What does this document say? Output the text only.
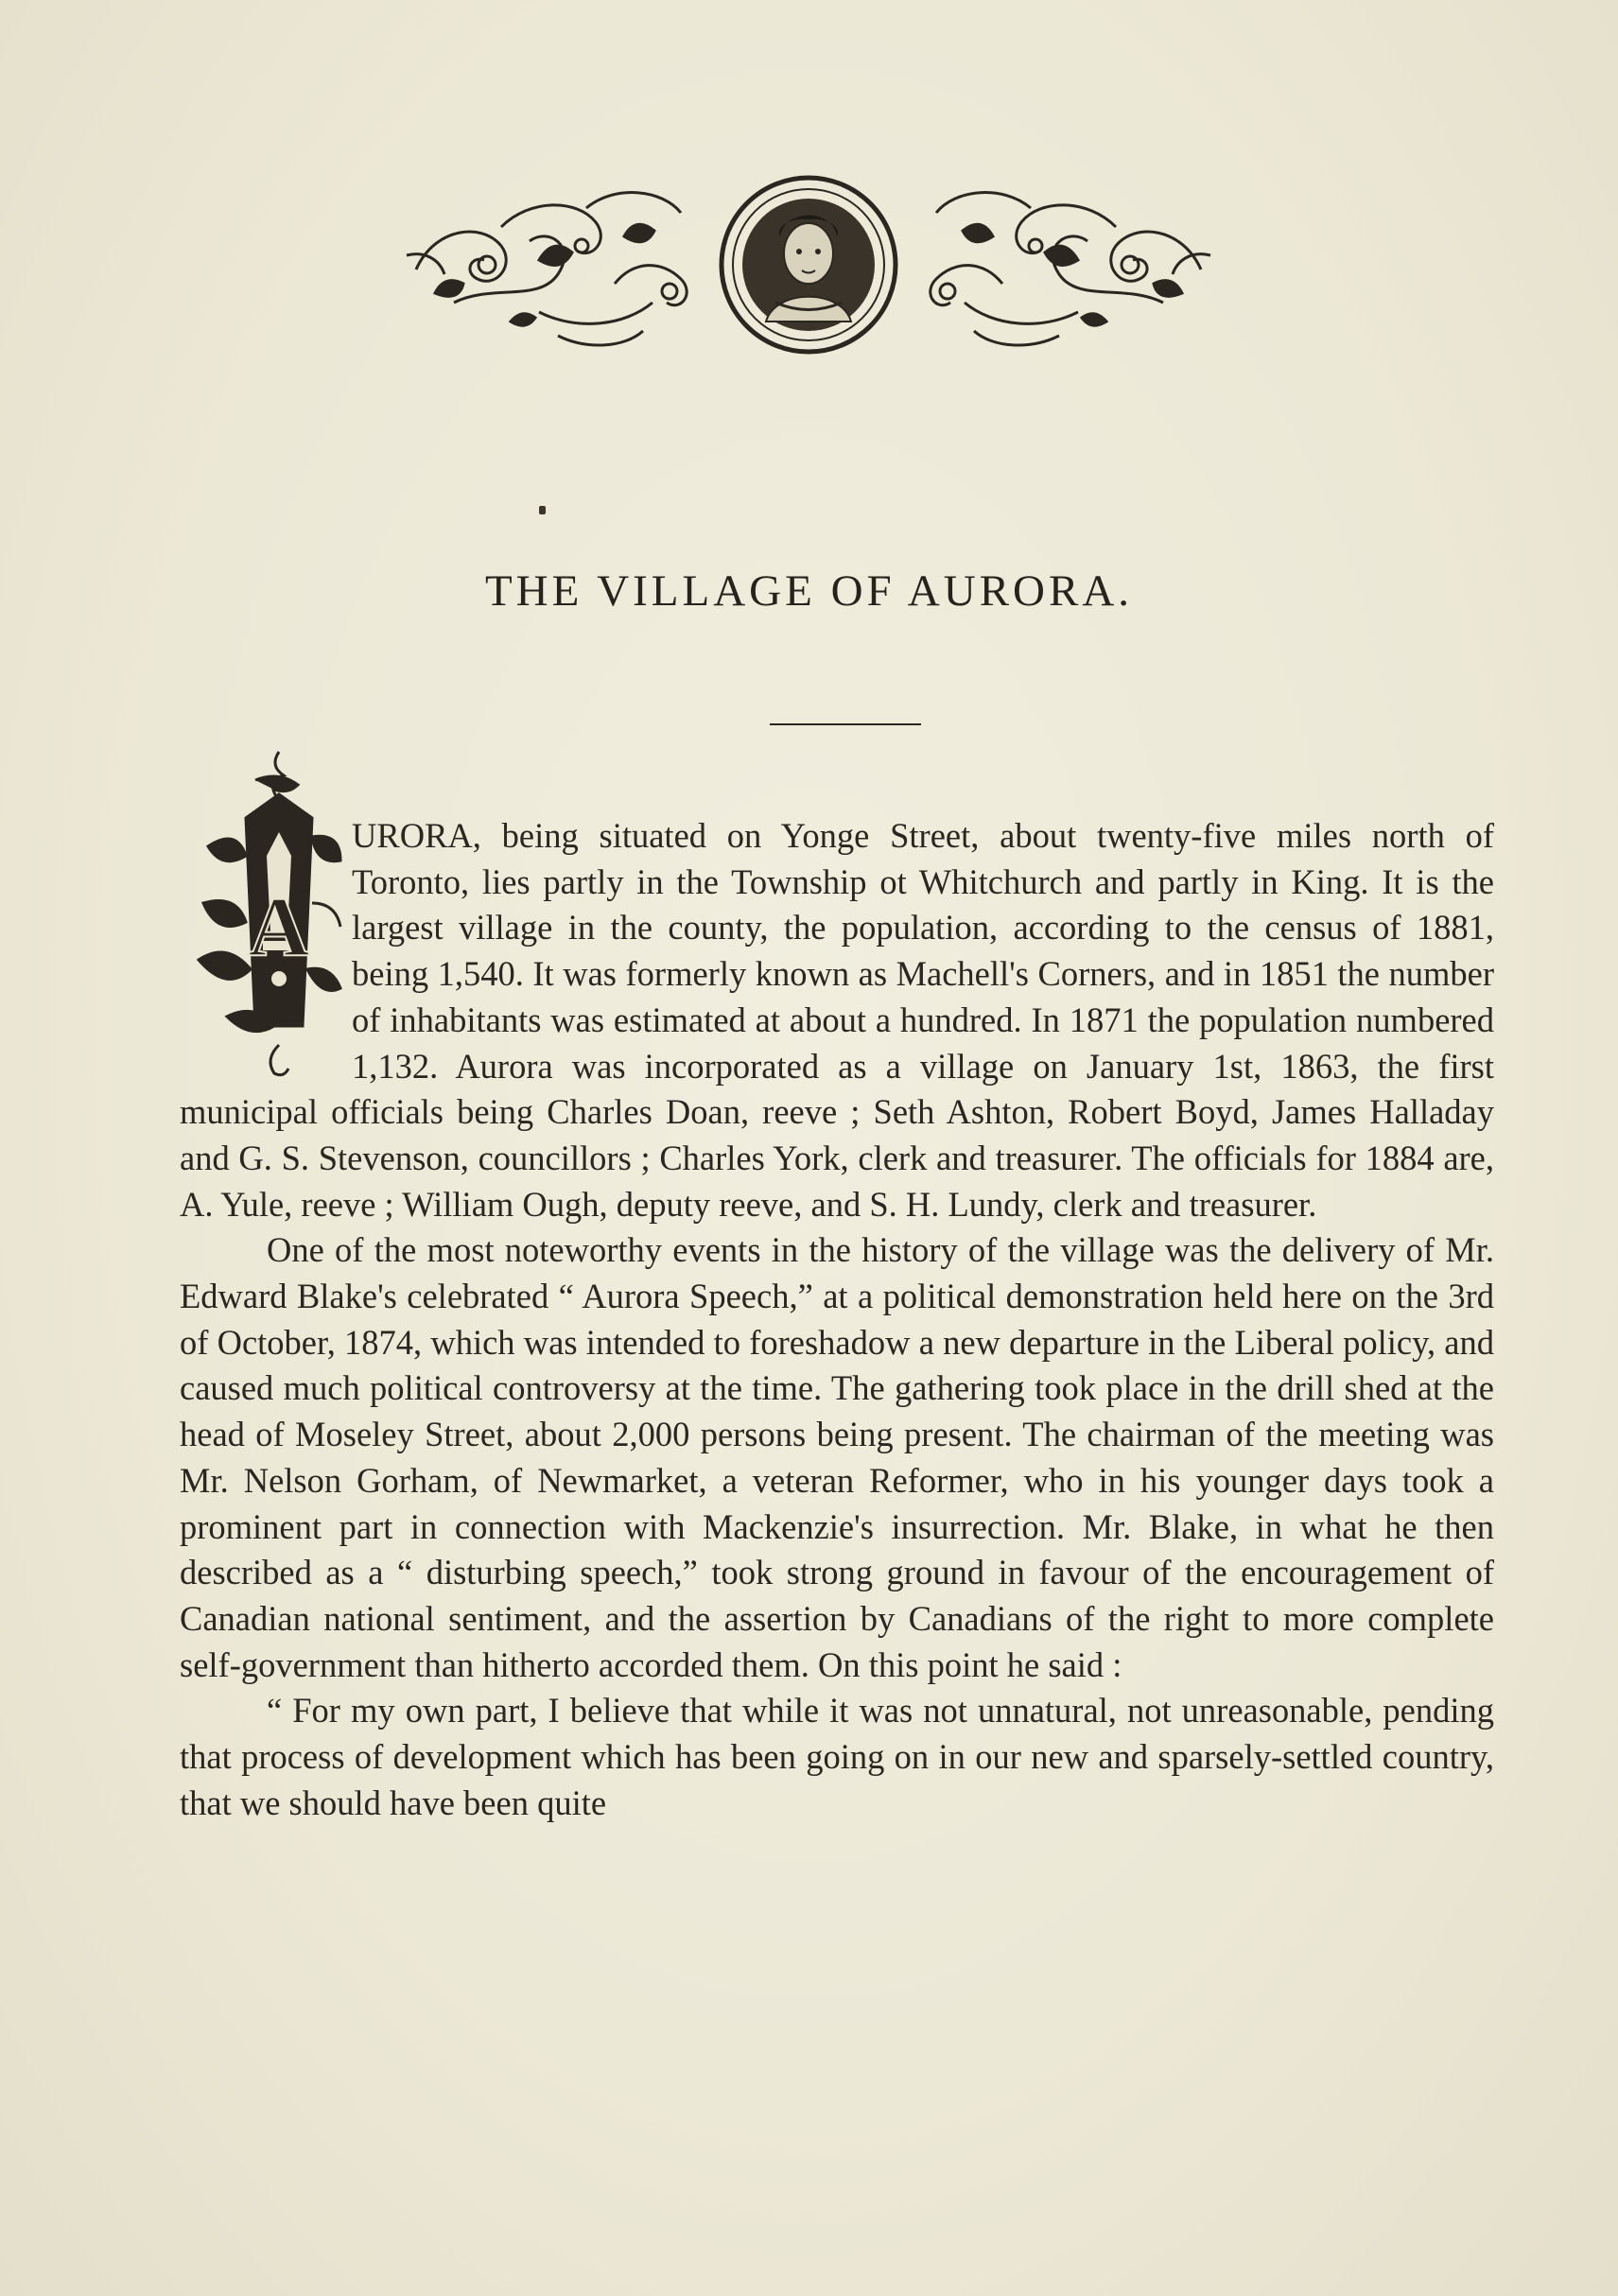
THE VILLAGE OF AURORA.
A

URORA, being situated on Yonge Street, about twenty-five miles north of Toronto, lies partly in the Township ot Whitchurch and partly in King. It is the largest village in the county, the population, according to the census of 1881, being 1,540. It was formerly known as Machell's Corners, and in 1851 the number of inhabitants was estimated at about a hundred. In 1871 the population numbered 1,132. Aurora was incorporated as a village on January 1st, 1863, the first municipal officials being Charles Doan, reeve ; Seth Ashton, Robert Boyd, James Halladay and G. S. Stevenson, councillors ; Charles York, clerk and treasurer. The officials for 1884 are, A. Yule, reeve ; William Ough, deputy reeve, and S. H. Lundy, clerk and treasurer.

One of the most noteworthy events in the history of the village was the delivery of Mr. Edward Blake's celebrated “ Aurora Speech,” at a political demonstration held here on the 3rd of October, 1874, which was intended to foreshadow a new departure in the Liberal policy, and caused much political controversy at the time. The gathering took place in the drill shed at the head of Moseley Street, about 2,000 persons being present. The chairman of the meeting was Mr. Nelson Gorham, of Newmarket, a veteran Reformer, who in his younger days took a prominent part in connection with Mackenzie's insurrection. Mr. Blake, in what he then described as a “ disturbing speech,” took strong ground in favour of the encouragement of Canadian national sentiment, and the assertion by Canadians of the right to more complete self-government than hitherto accorded them. On this point he said :

“ For my own part, I believe that while it was not unnatural, not unreasonable, pending that process of development which has been going on in our new and sparsely-settled country, that we should have been quite
